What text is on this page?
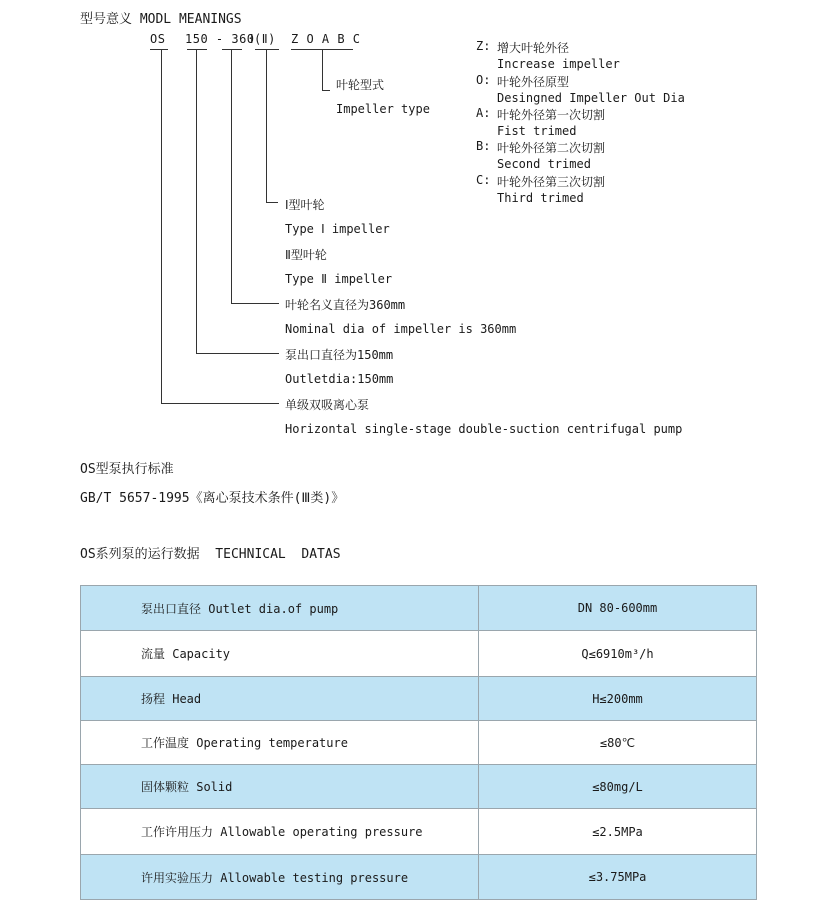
型号意义 MODL MEANINGS
OS 150 - 360
Ⅰ(Ⅱ) Z O A B C
叶轮型式
Impeller type
Z: 增大叶轮外径
Increase impeller
O: 叶轮外径原型
Desingned Impeller Out Dia
A: 叶轮外径第一次切割
Fist trimed
B: 叶轮外径第二次切割
Second trimed
C: 叶轮外径第三次切割
Third trimed
Ⅰ型叶轮
Type Ⅰ impeller
Ⅱ型叶轮
Type Ⅱ impeller
叶轮名义直径为360mm
Nominal dia of impeller is 360mm
泵出口直径为150mm
Outletdia:150mm
单级双吸离心泵
Horizontal single-stage double-suction centrifugal pump
OS型泵执行标准
GB/T 5657-1995《离心泵技术条件(Ⅲ类)》
OS系列泵的运行数据  TECHNICAL  DATAS
泵出口直径 Outlet dia.of pump	DN 80-600mm
流量 Capacity	Q≤6910m³/h
扬程 Head	H≤200mm
工作温度 Operating temperature	≤80℃
固体颗粒 Solid	≤80mg/L
工作许用压力 Allowable operating pressure	≤2.5MPa
许用实验压力 Allowable testing pressure	≤3.75MPa
